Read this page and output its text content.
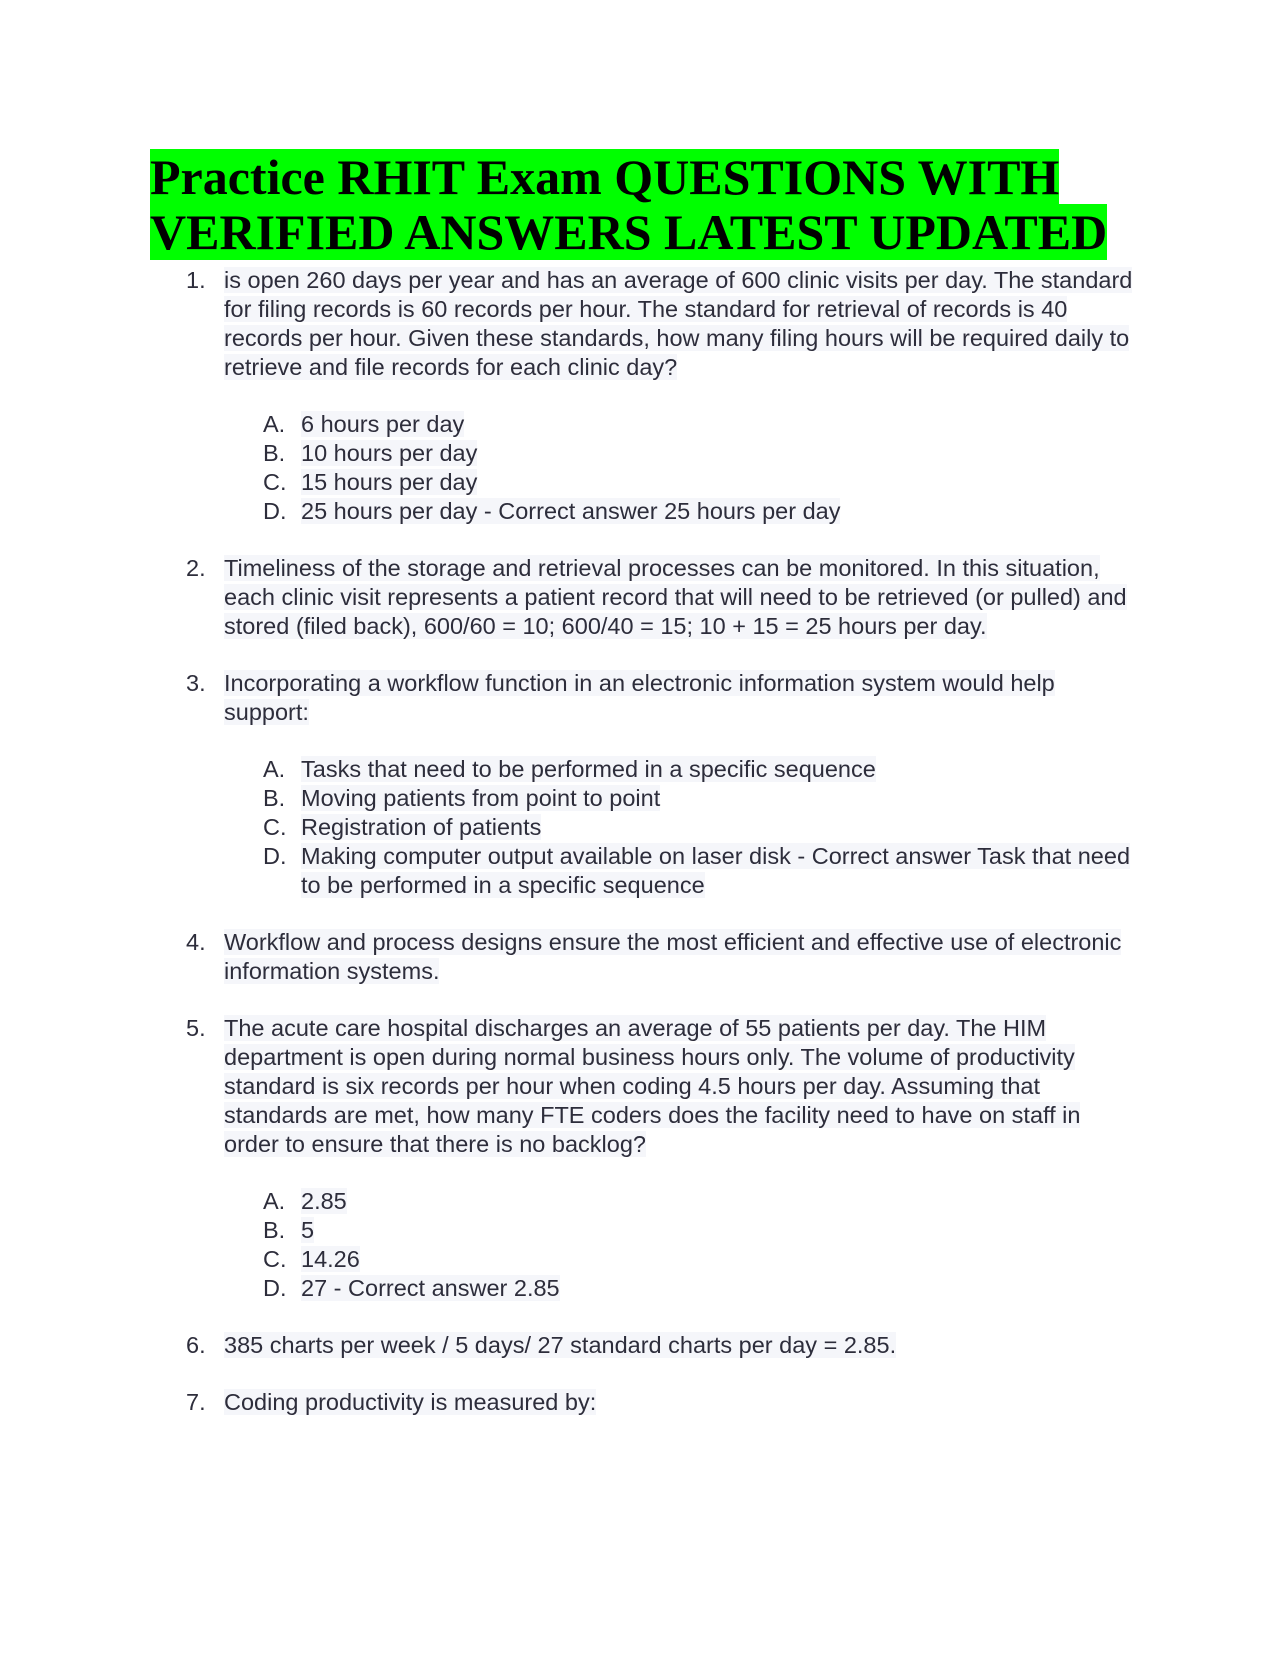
Practice RHIT Exam QUESTIONS WITH VERIFIED ANSWERS LATEST UPDATED
1. is open 260 days per year and has an average of 600 clinic visits per day. The standard for filing records is 60 records per hour. The standard for retrieval of records is 40 records per hour. Given these standards, how many filing hours will be required daily to retrieve and file records for each clinic day?
A. 6 hours per day
B. 10 hours per day
C. 15 hours per day
D. 25 hours per day - Correct answer 25 hours per day
2. Timeliness of the storage and retrieval processes can be monitored. In this situation, each clinic visit represents a patient record that will need to be retrieved (or pulled) and stored (filed back), 600/60 = 10; 600/40 = 15; 10 + 15 = 25 hours per day.
3. Incorporating a workflow function in an electronic information system would help support:
A. Tasks that need to be performed in a specific sequence
B. Moving patients from point to point
C. Registration of patients
D. Making computer output available on laser disk - Correct answer Task that need to be performed in a specific sequence
4. Workflow and process designs ensure the most efficient and effective use of electronic information systems.
5. The acute care hospital discharges an average of 55 patients per day. The HIM department is open during normal business hours only. The volume of productivity standard is six records per hour when coding 4.5 hours per day. Assuming that standards are met, how many FTE coders does the facility need to have on staff in order to ensure that there is no backlog?
A. 2.85
B. 5
C. 14.26
D. 27 - Correct answer 2.85
6. 385 charts per week / 5 days/ 27 standard charts per day = 2.85.
7. Coding productivity is measured by:
